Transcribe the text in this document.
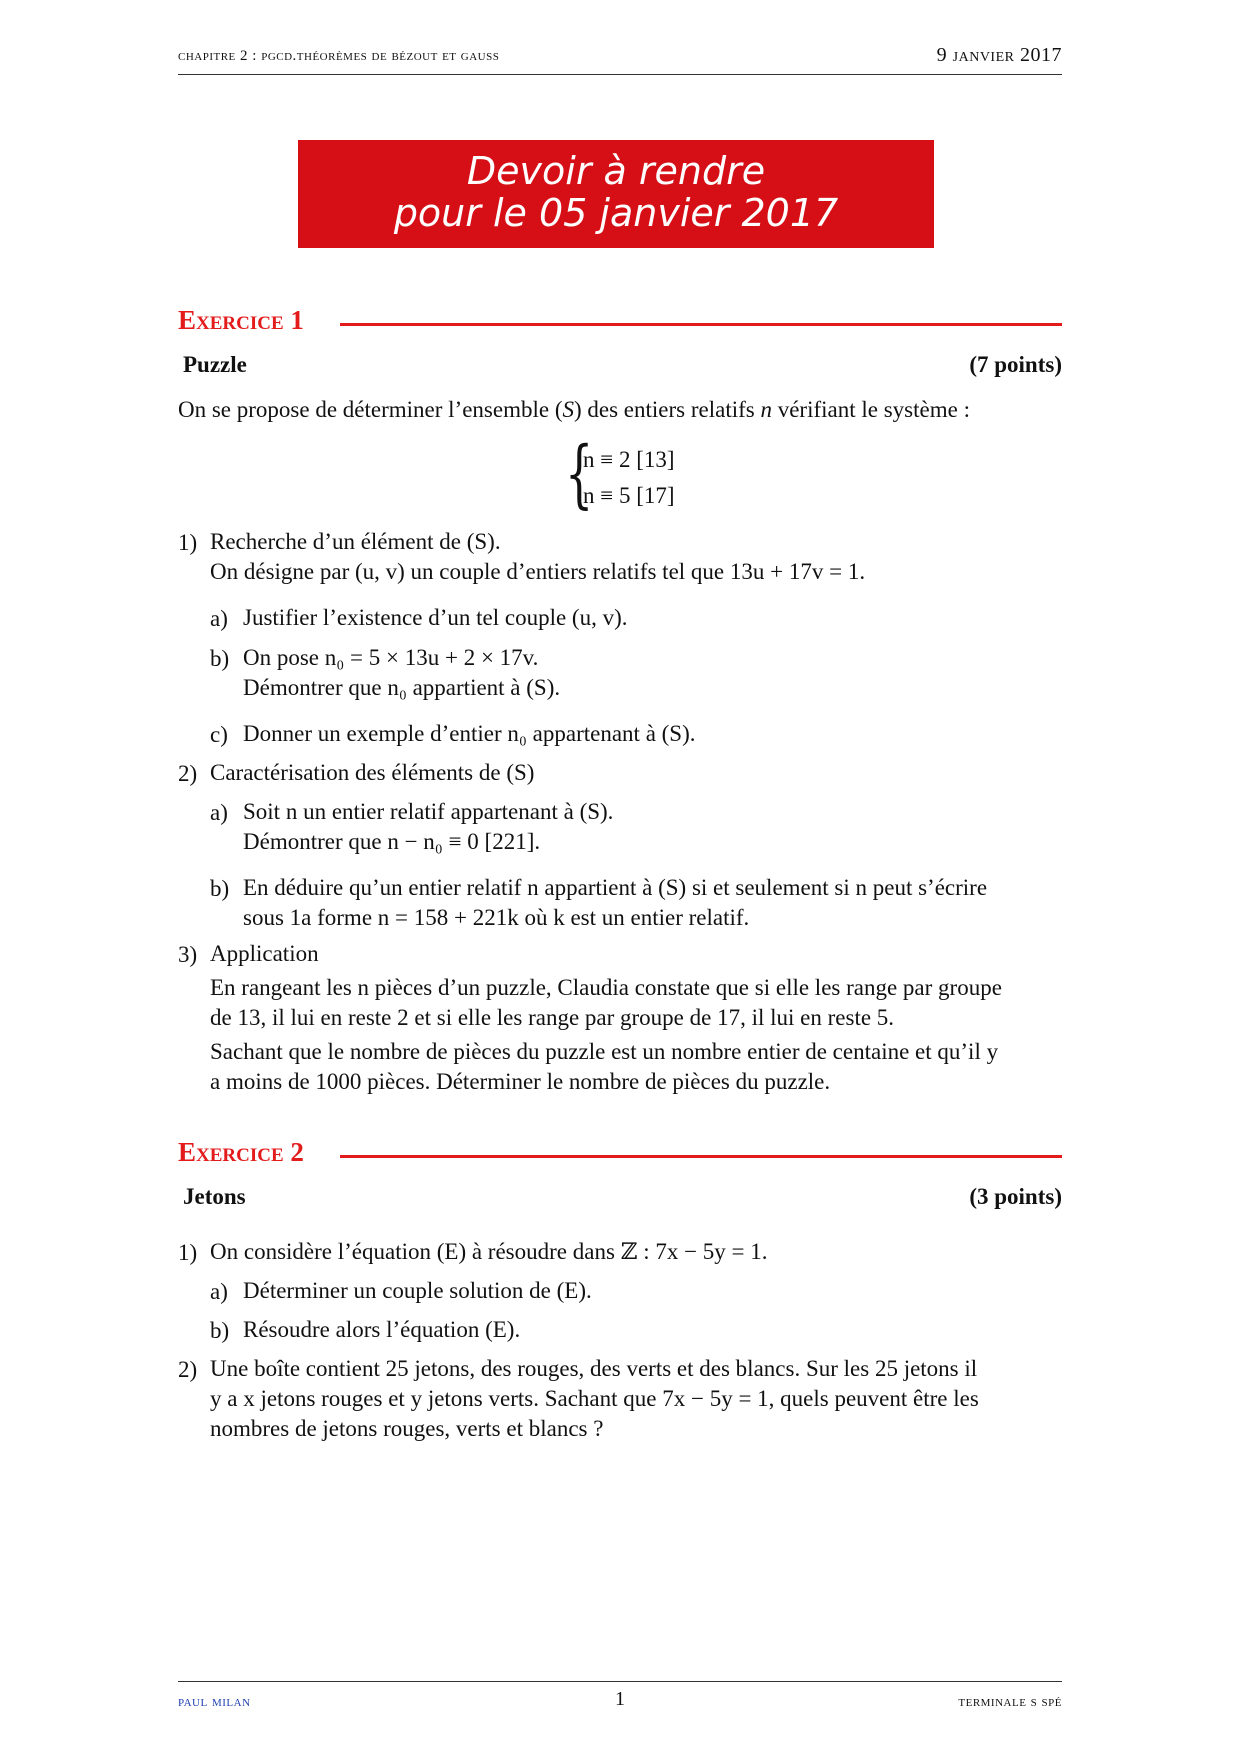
chapitre 2 : pgcd.théorèmes de bézout et gauss	9 janvier 2017
Devoir à rendre
pour le 05 janvier 2017
Exercice 1
Puzzle	(7 points)
On se propose de déterminer l’ensemble (S) des entiers relatifs n vérifiant le système :
{
n ≡ 2 [13]
n ≡ 5 [17]
1) Recherche d’un élément de (S).
On désigne par (u, v) un couple d’entiers relatifs tel que 13u + 17v = 1.
a) Justifier l’existence d’un tel couple (u, v).
b) On pose n₀ = 5 × 13u + 2 × 17v.
Démontrer que n₀ appartient à (S).
c) Donner un exemple d’entier n₀ appartenant à (S).
2) Caractérisation des éléments de (S)
a) Soit n un entier relatif appartenant à (S).
Démontrer que n − n₀ ≡ 0 [221].
b) En déduire qu’un entier relatif n appartient à (S) si et seulement si n peut s’écrire
sous 1a forme n = 158 + 221k où k est un entier relatif.
3) Application
En rangeant les n pièces d’un puzzle, Claudia constate que si elle les range par groupe
de 13, il lui en reste 2 et si elle les range par groupe de 17, il lui en reste 5.
Sachant que le nombre de pièces du puzzle est un nombre entier de centaine et qu’il y
a moins de 1000 pièces. Déterminer le nombre de pièces du puzzle.
Exercice 2
Jetons	(3 points)
1) On considère l’équation (E) à résoudre dans ℤ : 7x − 5y = 1.
a) Déterminer un couple solution de (E).
b) Résoudre alors l’équation (E).
2) Une boîte contient 25 jetons, des rouges, des verts et des blancs. Sur les 25 jetons il
y a x jetons rouges et y jetons verts. Sachant que 7x − 5y = 1, quels peuvent être les
nombres de jetons rouges, verts et blancs ?
paul milan	1	terminale s spé
